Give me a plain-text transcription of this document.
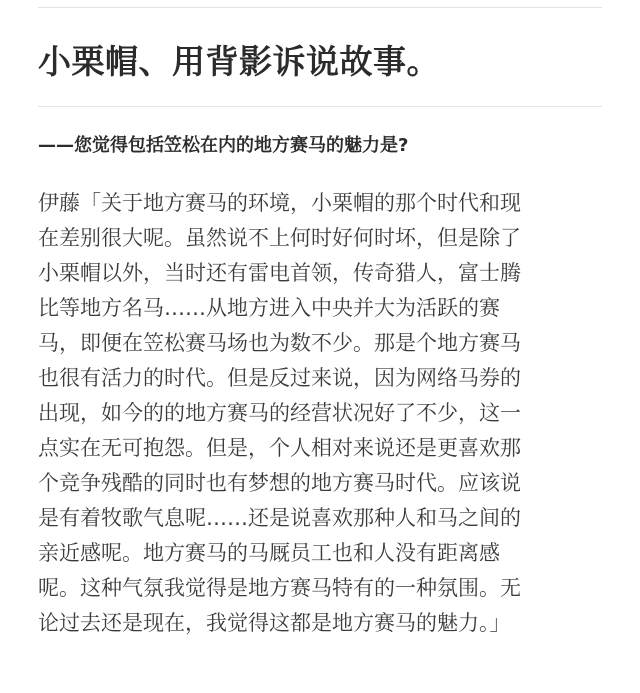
小栗帽、用背影诉说故事。

——您觉得包括笠松在内的地方赛马的魅力是?

伊藤「关于地方赛马的环境，小栗帽的那个时代和现
在差别很大呢。虽然说不上何时好何时坏，但是除了
小栗帽以外，当时还有雷电首领，传奇猎人，富士腾
比等地方名马……从地方进入中央并大为活跃的赛
马，即便在笠松赛马场也为数不少。那是个地方赛马
也很有活力的时代。但是反过来说，因为网络马券的
出现，如今的的地方赛马的经营状况好了不少，这一
点实在无可抱怨。但是，个人相对来说还是更喜欢那
个竞争残酷的同时也有梦想的地方赛马时代。应该说
是有着牧歌气息呢……还是说喜欢那种人和马之间的
亲近感呢。地方赛马的马厩员工也和人没有距离感
呢。这种气氛我觉得是地方赛马特有的一种氛围。无
论过去还是现在，我觉得这都是地方赛马的魅力。」
